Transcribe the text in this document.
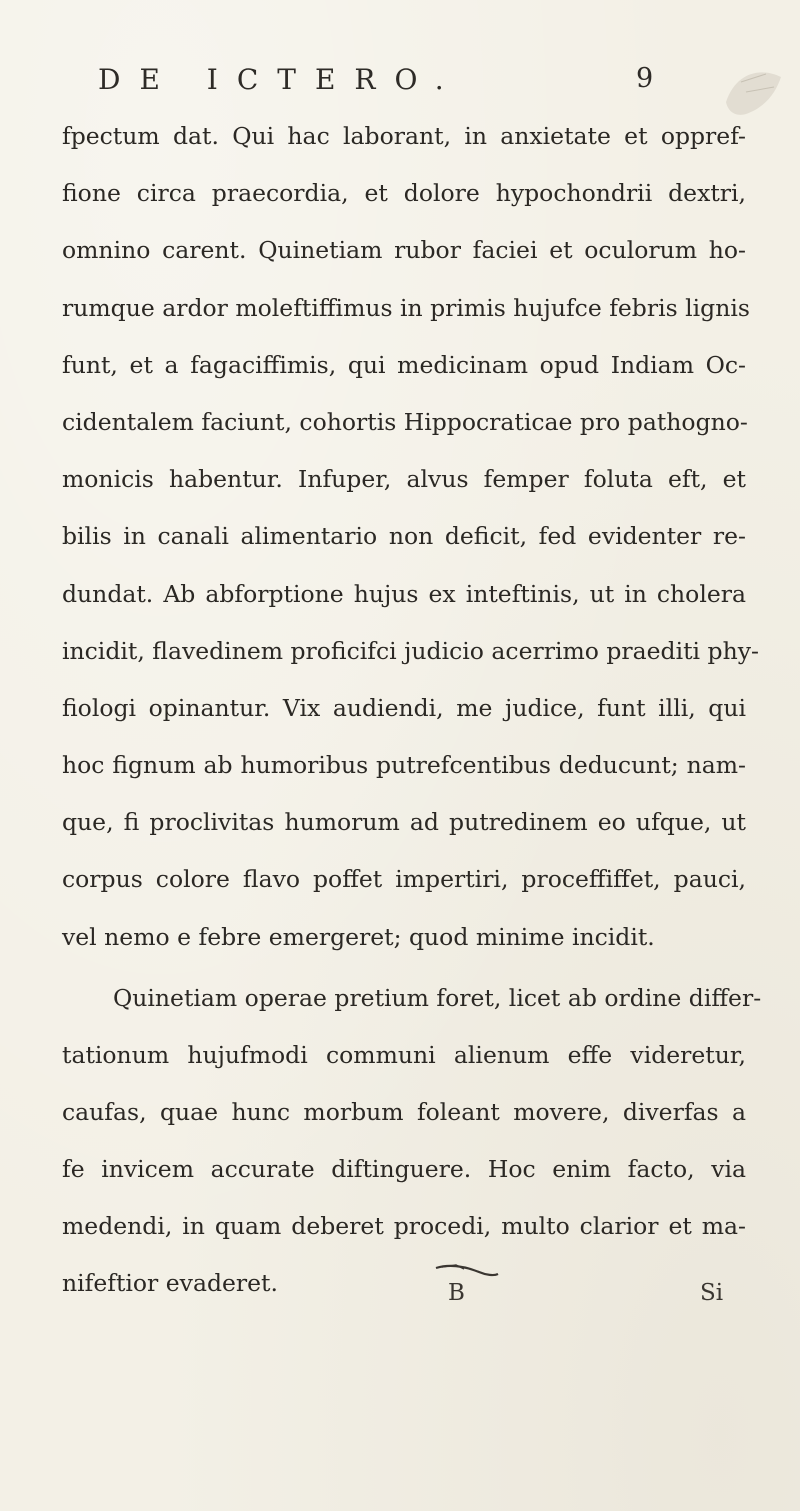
DE ICTERO.	9
fpectum dat. Qui hac laborant, in anxietate et oppref-
fione circa praecordia, et dolore hypochondrii dextri,
omnino carent. Quinetiam rubor faciei et oculorum ho-
rumque ardor moleftiffimus in primis hujufce febris lignis
funt, et a fagaciffimis, qui medicinam opud Indiam Oc-
cidentalem faciunt, cohortis Hippocraticae pro pathogno-
monicis habentur. Infuper, alvus femper foluta eft, et
bilis in canali alimentario non deficit, fed evidenter re-
dundat. Ab abforptione hujus ex inteftinis, ut in cholera
incidit, flavedinem proficifci judicio acerrimo praediti phy-
fiologi opinantur. Vix audiendi, me judice, funt illi, qui
hoc fignum ab humoribus putrefcentibus deducunt; nam-
que, fi proclivitas humorum ad putredinem eo ufque, ut
corpus colore flavo poffet impertiri, proceffiffet, pauci,
vel nemo e febre emergeret; quod minime incidit.
Quinetiam operae pretium foret, licet ab ordine differ-
tationum hujufmodi communi alienum effe videretur,
caufas, quae hunc morbum foleant movere, diverfas a
fe invicem accurate diftinguere. Hoc enim facto, via
medendi, in quam deberet procedi, multo clarior et ma-
nifeftior evaderet.	B	Si
